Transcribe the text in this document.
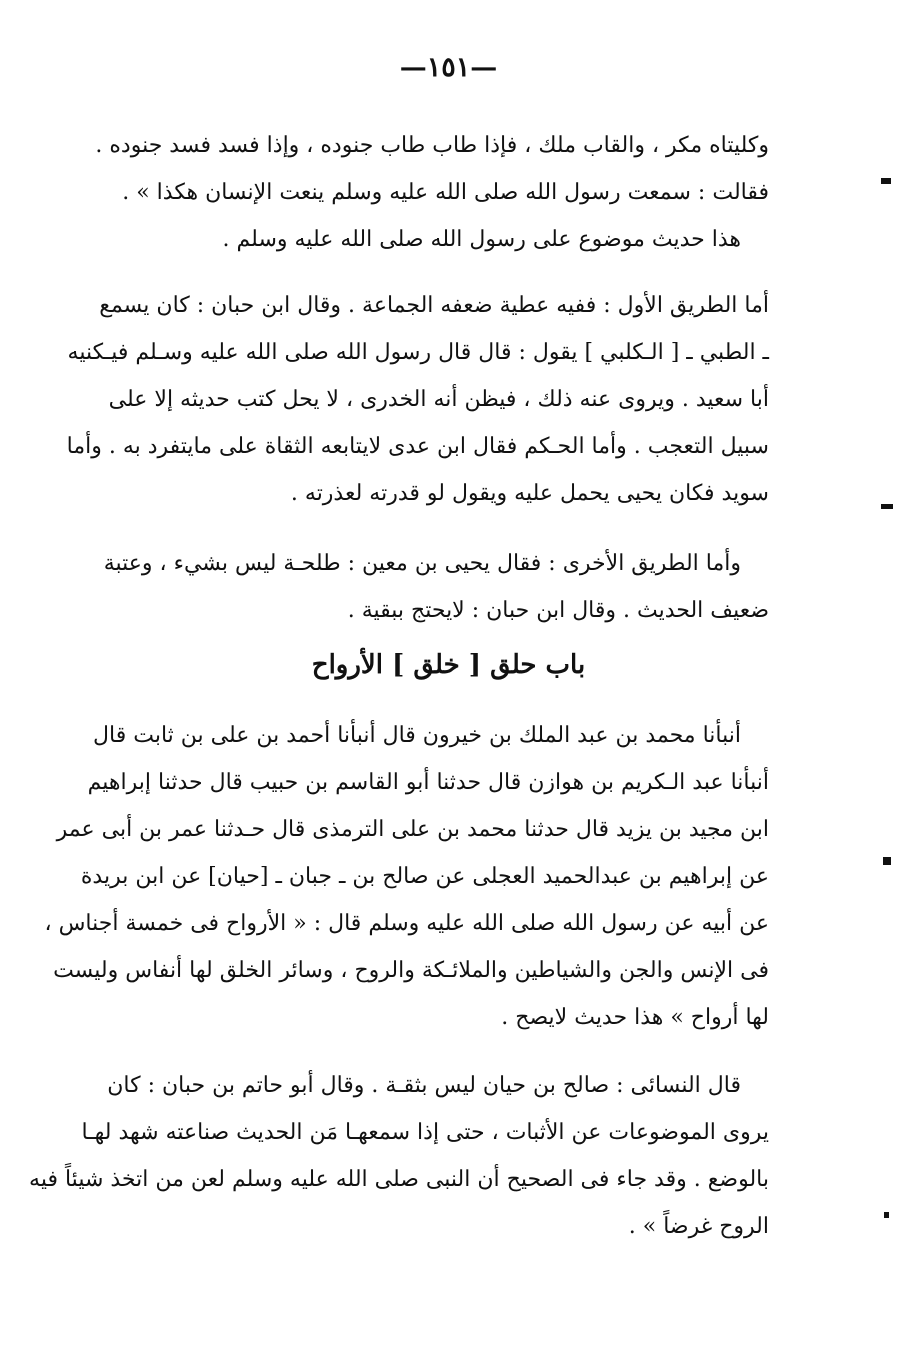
—١٥١—
وكليتاه مكر ، والقاب ملك ، فإذا طاب طاب جنوده ، وإذا فسد فسد جنوده .
فقالت : سمعت رسول الله صلى الله عليه وسلم ينعت الإنسان هكذا » .
هذا حديث موضوع على رسول الله صلى الله عليه وسلم .
أما الطريق الأول : ففيه عطية ضعفه الجماعة . وقال ابن حبان : كان يسمع
ـ الطبي ـ [ الـكلبي ] يقول : قال قال رسول الله صلى الله عليه وسـلم فيـكنيه
أبا سعيد . ويروى عنه ذلك ، فيظن أنه الخدرى ، لا يحل كتب حديثه إلا على
سبيل التعجب . وأما الحـكم فقال ابن عدى لايتابعه الثقاة على مايتفرد به . وأما
سويد فكان يحيى يحمل عليه ويقول لو قدرته لعذرته .
وأما الطريق الأخرى : فقال يحيى بن معين : طلحـة ليس بشيء ، وعتبة
ضعيف الحديث . وقال ابن حبان : لايحتج ببقية .
باب حلق [ خلق ] الأرواح
أنبأنا محمد بن عبد الملك بن خيرون قال أنبأنا أحمد بن على بن ثابت قال
أنبأنا عبد الـكريم بن هوازن قال حدثنا أبو القاسم بن حبيب قال حدثنا إبراهيم
ابن مجيد بن يزيد قال حدثنا محمد بن على الترمذى قال حـدثنا عمر بن أبى عمر
عن إبراهيم بن عبدالحميد العجلى عن صالح بن ـ جبان ـ [حيان] عن ابن بريدة
عن أبيه عن رسول الله صلى الله عليه وسلم قال : « الأرواح فى خمسة أجناس ،
فى الإنس والجن والشياطين والملائـكة والروح ، وسائر الخلق لها أنفاس وليست
لها أرواح » هذا حديث لايصح .
قال النسائى : صالح بن حيان ليس بثقـة . وقال أبو حاتم بن حبان : كان
يروى الموضوعات عن الأثبات ، حتى إذا سمعهـا مَن الحديث صناعته شهد لهـا
بالوضع . وقد جاء فى الصحيح أن النبى صلى الله عليه وسلم لعن من اتخذ شيئاً فيه
الروح غرضاً » .
